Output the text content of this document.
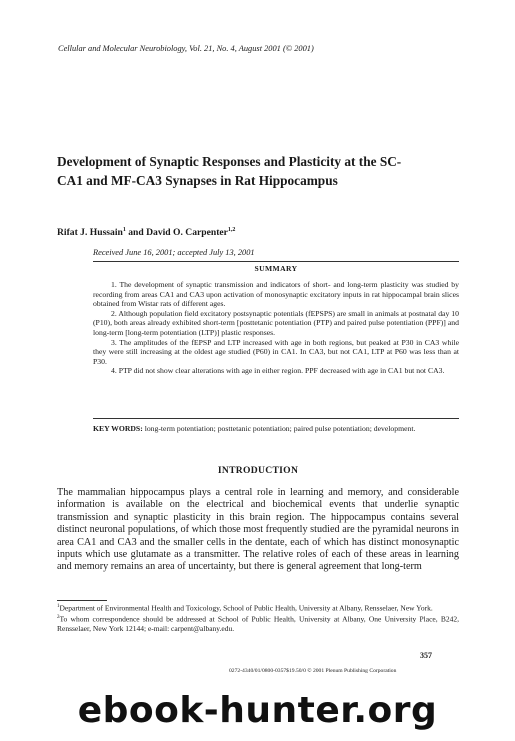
Cellular and Molecular Neurobiology, Vol. 21, No. 4, August 2001 (© 2001)
Development of Synaptic Responses and Plasticity at the SC-CA1 and MF-CA3 Synapses in Rat Hippocampus
Rifat J. Hussain$^1$ and David O. Carpenter$^{1,2}$
Received June 16, 2001; accepted July 13, 2001
SUMMARY

1. The development of synaptic transmission and indicators of short- and long-term plasticity was studied by recording from areas CA1 and CA3 upon activation of monosynaptic excitatory inputs in rat hippocampal brain slices obtained from Wistar rats of different ages.

2. Although population field excitatory postsynaptic potentials (fEPSPS) are small in animals at postnatal day 10 (P10), both areas already exhibited short-term [posttetanic potentiation (PTP) and paired pulse potentiation (PPF)] and long-term [long-term potentiation (LTP)] plastic responses.

3. The amplitudes of the fEPSP and LTP increased with age in both regions, but peaked at P30 in CA3 while they were still increasing at the oldest age studied (P60) in CA1. In CA3, but not CA1, LTP at P60 was less than at P30.

4. PTP did not show clear alterations with age in either region. PPF decreased with age in CA1 but not CA3.

KEY WORDS: long-term potentiation; posttetanic potentiation; paired pulse potentiation; development.
INTRODUCTION
The mammalian hippocampus plays a central role in learning and memory, and considerable information is available on the electrical and biochemical events that underlie synaptic transmission and synaptic plasticity in this brain region. The hippocampus contains several distinct neuronal populations, of which those most frequently studied are the pyramidal neurons in area CA1 and CA3 and the smaller cells in the dentate, each of which has distinct monosynaptic inputs which use glutamate as a transmitter. The relative roles of each of these areas in learning and memory remains an area of uncertainty, but there is general agreement that long-term

$^1$Department of Environmental Health and Toxicology, School of Public Health, University at Albany, Rensselaer, New York.

$^2$To whom correspondence should be addressed at School of Public Health, University at Albany, One University Place, B242, Rensselaer, New York 12144; e-mail: carpent@albany.edu.

357
0272-4340/01/0800-0357$19.50/0 © 2001 Plenum Publishing Corporation
ebook-hunter.org
